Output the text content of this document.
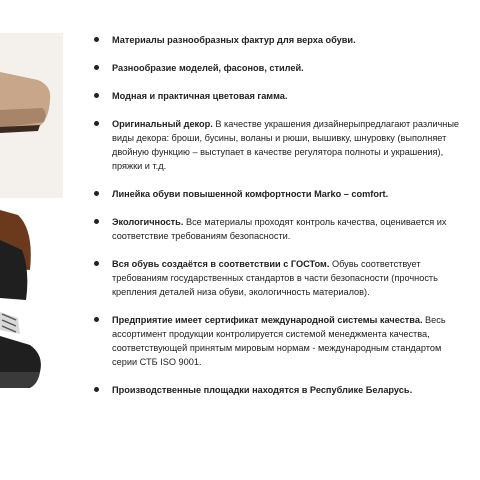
Материалы разнообразных фактур для верха обуви.
Разнообразие моделей, фасонов, стилей.
Модная и практичная цветовая гамма.
Оригинальный декор. В качестве украшения дизайнерыпредлагают различные виды декора: броши, бусины, воланы и рюши, вышивку, шнуровку (выполняет двойную функцию – выступает в качестве регулятора полноты и украшения), пряжки и т.д.
Линейка обуви повышенной комфортности Marko – comfort.
Экологичность. Все материалы проходят контроль качества, оценивается их соответствие требованиям безопасности.
Вся обувь создаётся в соответствии с ГОСТом. Обувь соответствует требованиям государственных стандартов в части безопасности (прочность крепления деталей низа обуви, экологичность материалов).
Предприятие имеет сертификат международной системы качества. Весь ассортимент продукции контролируется системой менеджмента качества, соответствующей принятым мировым нормам - международным стандартом серии СТБ ISO 9001.
Производственные площадки находятся в Республике Беларусь.
